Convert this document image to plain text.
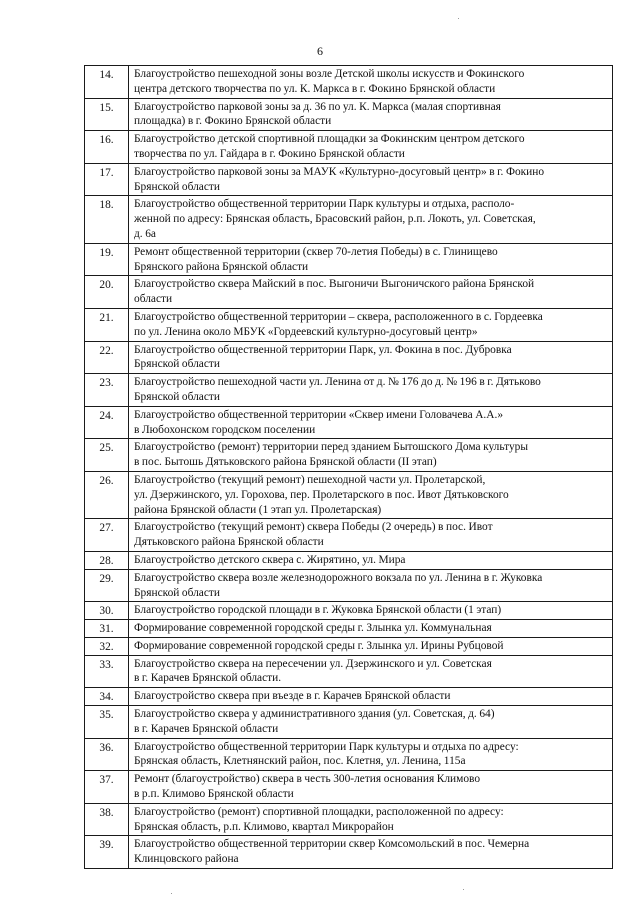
6
14.	Благоустройство пешеходной зоны возле Детской школы искусств и Фокинского
центра детского творчества по ул. К. Маркса в г. Фокино Брянской области

15.	Благоустройство парковой зоны за д. 36 по ул. К. Маркса (малая спортивная
площадка) в г. Фокино Брянской области

16.	Благоустройство детской спортивной площадки за Фокинским центром детского
творчества по ул. Гайдара в г. Фокино Брянской области

17.	Благоустройство парковой зоны за МАУК «Культурно-досуговый центр» в г. Фокино
Брянской области

18.	Благоустройство общественной территории Парк культуры и отдыха, располо-
женной по адресу: Брянская область, Брасовский район, р.п. Локоть, ул. Советская,
д. 6а

19.	Ремонт общественной территории (сквер 70-летия Победы) в с. Глинищево
Брянского района Брянской области

20.	Благоустройство сквера Майский в пос. Выгоничи Выгоничского района Брянской
области

21.	Благоустройство общественной территории – сквера, расположенного в с. Гордеевка
по ул. Ленина около МБУК «Гордеевский культурно-досуговый центр»

22.	Благоустройство общественной территории Парк, ул. Фокина в пос. Дубровка
Брянской области

23.	Благоустройство пешеходной части ул. Ленина от д. № 176 до д. № 196 в г. Дятьково
Брянской области

24.	Благоустройство общественной территории «Сквер имени Головачева А.А.»
в Любохонском городском поселении

25.	Благоустройство (ремонт) территории перед зданием Бытошского Дома культуры
в пос. Бытошь Дятьковского района Брянской области (II этап)

26.	Благоустройство (текущий ремонт) пешеходной части ул. Пролетарской,
ул. Дзержинского, ул. Горохова, пер. Пролетарского в пос. Ивот Дятьковского
района Брянской области (1 этап ул. Пролетарская)

27.	Благоустройство (текущий ремонт) сквера Победы (2 очередь) в пос. Ивот
Дятьковского района Брянской области

28.	Благоустройство детского сквера с. Жирятино, ул. Мира

29.	Благоустройство сквера возле железнодорожного вокзала по ул. Ленина в г. Жуковка
Брянской области

30.	Благоустройство городской площади в г. Жуковка Брянской области (1 этап)

31.	Формирование современной городской среды г. Злынка ул. Коммунальная

32.	Формирование современной городской среды г. Злынка ул. Ирины Рубцовой

33.	Благоустройство сквера на пересечении ул. Дзержинского и ул. Советская
в г. Карачев Брянской области.

34.	Благоустройство сквера при въезде в г. Карачев Брянской области

35.	Благоустройство сквера у административного здания (ул. Советская, д. 64)
в г. Карачев Брянской области

36.	Благоустройство общественной территории Парк культуры и отдыха по адресу:
Брянская область, Клетнянский район, пос. Клетня, ул. Ленина, 115а

37.	Ремонт (благоустройство) сквера в честь 300-летия основания Климово
в р.п. Климово Брянской области

38.	Благоустройство (ремонт) спортивной площадки, расположенной по адресу:
Брянская область, р.п. Климово, квартал Микрорайон

39.	Благоустройство общественной территории сквер Комсомольский в пос. Чемерна
Клинцовского района
